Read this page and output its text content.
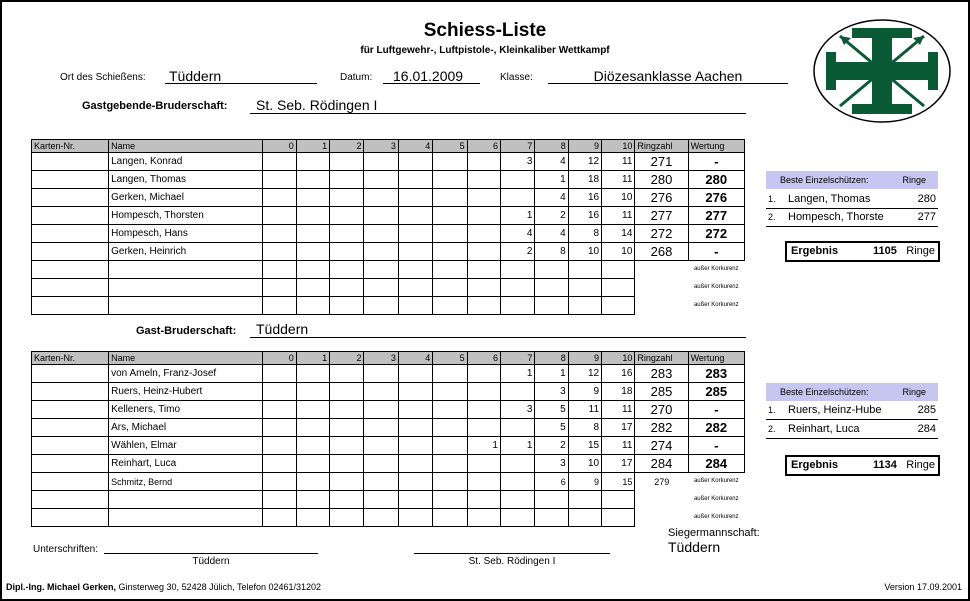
Schiess-Liste
für Luftgewehr-, Luftpistole-, Kleinkaliber Wettkampf
Ort des Schießens: Tüddern	Datum: 16.01.2009	Klasse:	Diözesanklasse Aachen
Gastgebende-Bruderschaft: St. Seb. Rödingen I
Karten-Nr.	Name	0	1	2	3	4	5	6	7	8	9	10	Ringzahl	Wertung
	Langen, Konrad								3	4	12	11	271	-
	Langen, Thomas									1	18	11	280	280
	Gerken, Michael									4	16	10	276	276
	Hompesch, Thorsten								1	2	16	11	277	277
	Hompesch, Hans								4	4	8	14	272	272
	Gerken, Heinrich								2	8	10	10	268	-
														außer Korkurenz
														außer Korkurenz
														außer Korkurenz
Beste Einzelschützen:	Ringe
1. Langen, Thomas	280
2. Hompesch, Thorste	277
Ergebnis	1105 Ringe
Gast-Bruderschaft: Tüddern
Karten-Nr.	Name	0	1	2	3	4	5	6	7	8	9	10	Ringzahl	Wertung
	von Ameln, Franz-Josef								1	1	12	16	283	283
	Ruers, Heinz-Hubert									3	9	18	285	285
	Kelleners, Timo								3	5	11	11	270	-
	Ars, Michael									5	8	17	282	282
	Wählen, Elmar							1	1	2	15	11	274	-
	Reinhart, Luca									3	10	17	284	284
	Schmitz, Bernd									6	9	15	279	außer Korkurenz
														außer Korkurenz
														außer Korkurenz
Beste Einzelschützen:	Ringe
1. Ruers, Heinz-Hube	285
2. Reinhart, Luca	284
Ergebnis	1134 Ringe
Siegermannschaft:
Tüddern
Unterschriften:
Tüddern	St. Seb. Rödingen I
Dipl.-Ing. Michael Gerken, Ginsterweg 30, 52428 Jülich, Telefon 02461/31202	Version 17.09.2001
